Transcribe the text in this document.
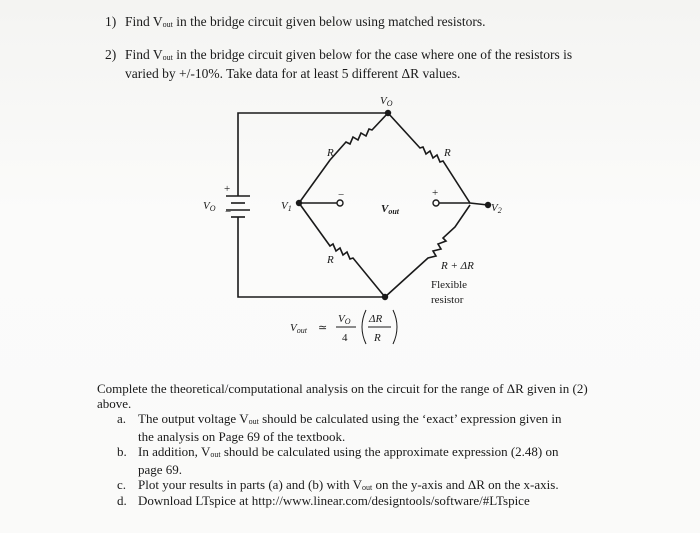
1) Find $V_{out}$ in the bridge circuit given below using matched resistors.
2) Find $V_{out}$ in the bridge circuit given below for the case where one of the resistors is varied by +/-10%. Take data for at least 5 different ΔR values.
VO
VO
+
−	V1	V2
Vout
−	+
R	R
R	R + ΔR
Flexible
resistor
Vout ≃
VO
4
ΔR
R
Complete the theoretical/computational analysis on the circuit for the range of ΔR given in (2) above.
a. The output voltage $V_{out}$ should be calculated using the ‘exact’ expression given in
the analysis on Page 69 of the textbook.
b. In addition, $V_{out}$ should be calculated using the approximate expression (2.48) on
page 69.
c. Plot your results in parts (a) and (b) with $V_{out}$ on the y-axis and ΔR on the x-axis.
d. Download LTspice at http://www.linear.com/designtools/software/#LTspice
